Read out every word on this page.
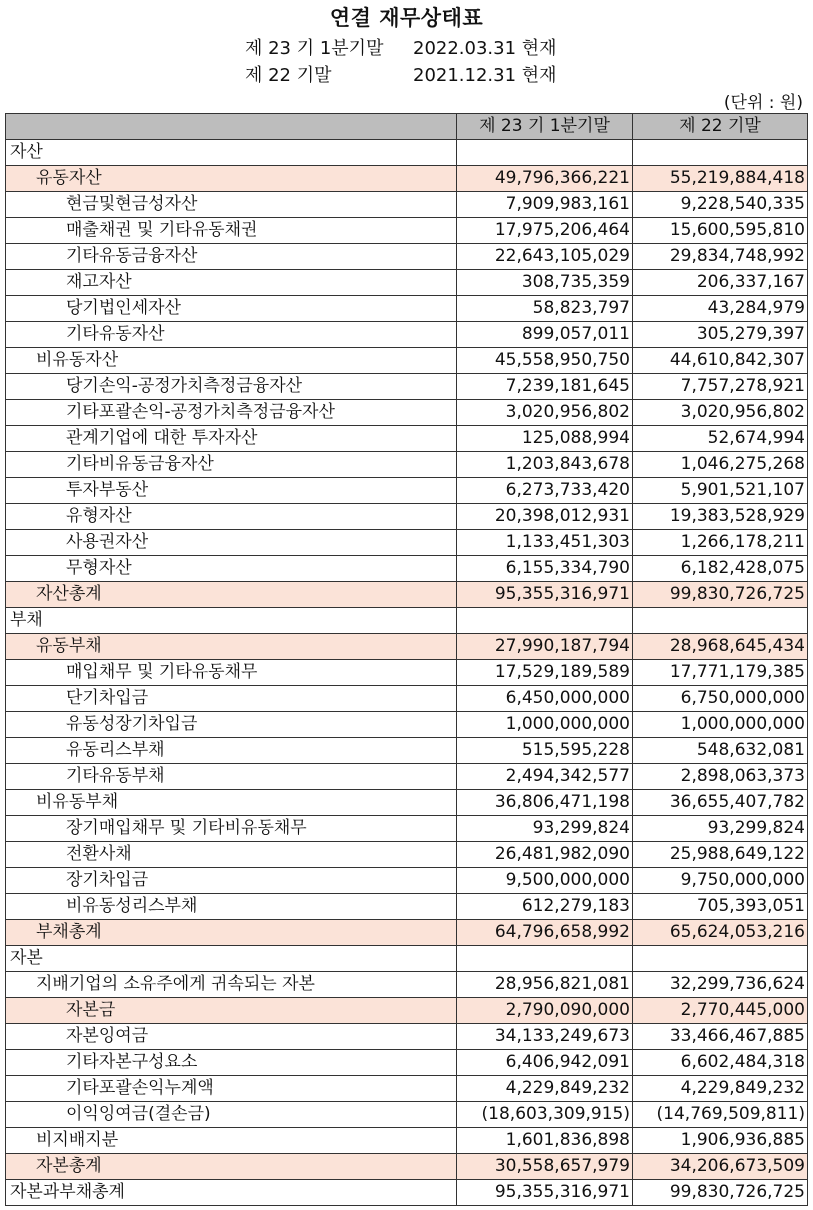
연결 재무상태표
제 23 기 1분기말 2022.03.31 현재
제 22 기말	2021.12.31 현재
(단위 : 원)
	제 23 기 1분기말	제 22 기말
자산		
유동자산	49,796,366,221	55,219,884,418
현금및현금성자산	7,909,983,161	9,228,540,335
매출채권 및 기타유동채권	17,975,206,464	15,600,595,810
기타유동금융자산	22,643,105,029	29,834,748,992
재고자산	308,735,359	206,337,167
당기법인세자산	58,823,797	43,284,979
기타유동자산	899,057,011	305,279,397
비유동자산	45,558,950,750	44,610,842,307
당기손익-공정가치측정금융자산	7,239,181,645	7,757,278,921
기타포괄손익-공정가치측정금융자산	3,020,956,802	3,020,956,802
관계기업에 대한 투자자산	125,088,994	52,674,994
기타비유동금융자산	1,203,843,678	1,046,275,268
투자부동산	6,273,733,420	5,901,521,107
유형자산	20,398,012,931	19,383,528,929
사용권자산	1,133,451,303	1,266,178,211
무형자산	6,155,334,790	6,182,428,075
자산총계	95,355,316,971	99,830,726,725
부채		
유동부채	27,990,187,794	28,968,645,434
매입채무 및 기타유동채무	17,529,189,589	17,771,179,385
단기차입금	6,450,000,000	6,750,000,000
유동성장기차입금	1,000,000,000	1,000,000,000
유동리스부채	515,595,228	548,632,081
기타유동부채	2,494,342,577	2,898,063,373
비유동부채	36,806,471,198	36,655,407,782
장기매입채무 및 기타비유동채무	93,299,824	93,299,824
전환사채	26,481,982,090	25,988,649,122
장기차입금	9,500,000,000	9,750,000,000
비유동성리스부채	612,279,183	705,393,051
부채총계	64,796,658,992	65,624,053,216
자본		
지배기업의 소유주에게 귀속되는 자본	28,956,821,081	32,299,736,624
자본금	2,790,090,000	2,770,445,000
자본잉여금	34,133,249,673	33,466,467,885
기타자본구성요소	6,406,942,091	6,602,484,318
기타포괄손익누계액	4,229,849,232	4,229,849,232
이익잉여금(결손금)	(18,603,309,915)	(14,769,509,811)
비지배지분	1,601,836,898	1,906,936,885
자본총계	30,558,657,979	34,206,673,509
자본과부채총계	95,355,316,971	99,830,726,725
